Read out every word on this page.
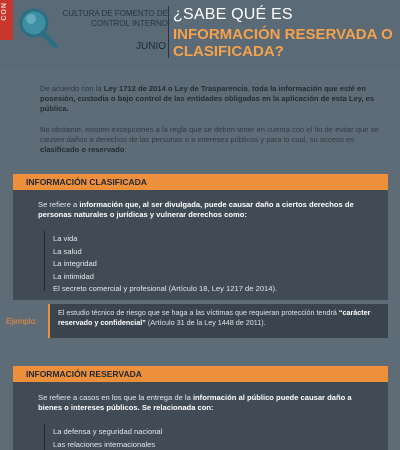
CON	CULTURA DE FOMENTO DE CONTROL INTERNO
JUNIO
¿SABE QUÉ ES
INFORMACIÓN RESERVADA O CLASIFICADA?
De acuerdo con la Ley 1712 de 2014 o Ley de Trasparencia, toda la información que esté en posesión, custodia o bajo control de las entidades obligadas en la aplicación de esta Ley, es pública.
No obstante, existen excepciones a la regla que se deben tener en cuenta con el fin de evitar que se causen daños a derechos de las personas o a intereses públicos y para lo cual, su acceso es clasificado o reservado:
INFORMACIÓN CLASIFICADA
Se refiere a información que, al ser divulgada, puede causar daño a ciertos derechos de personas naturales o jurídicas y vulnerar derechos como:
La vida
La salud
La integridad
La intimidad
El secreto comercial y profesional (Artículo 18, Ley 1217 de 2014).
Ejemplo:
El estudio técnico de riesgo que se haga a las víctimas que requieran protección tendrá “carácter reservado y confidencial” (Artículo 31 de la Ley 1448 de 2011).
INFORMACIÓN RESERVADA
Se refiere a casos en los que la entrega de la información al público puede causar daño a bienes o intereses públicos. Se relacionada con:
La defensa y seguridad nacional
Las relaciones internacionales
